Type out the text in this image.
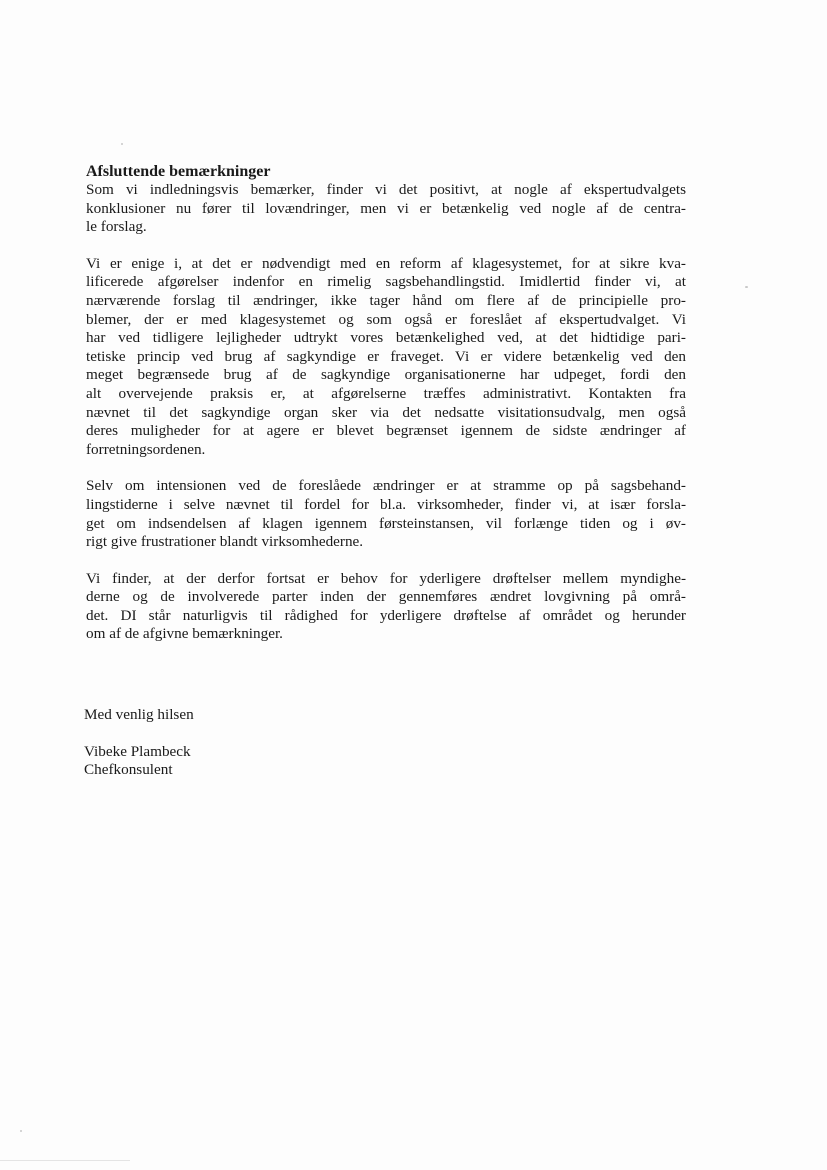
Afsluttende bemærkninger
Som vi indledningsvis bemærker, finder vi det positivt, at nogle af ekspertudvalgets
konklusioner nu fører til lovændringer, men vi er betænkelig ved nogle af de centra-
le forslag.
Vi er enige i, at det er nødvendigt med en reform af klagesystemet, for at sikre kva-
lificerede afgørelser indenfor en rimelig sagsbehandlingstid. Imidlertid finder vi, at
nærværende forslag til ændringer, ikke tager hånd om flere af de principielle pro-
blemer, der er med klagesystemet og som også er foreslået af ekspertudvalget. Vi
har ved tidligere lejligheder udtrykt vores betænkelighed ved, at det hidtidige pari-
tetiske princip ved brug af sagkyndige er fraveget. Vi er videre betænkelig ved den
meget begrænsede brug af de sagkyndige organisationerne har udpeget, fordi den
alt overvejende praksis er, at afgørelserne træffes administrativt. Kontakten fra
nævnet til det sagkyndige organ sker via det nedsatte visitationsudvalg, men også
deres muligheder for at agere er blevet begrænset igennem de sidste ændringer af
forretningsordenen.
Selv om intensionen ved de foreslåede ændringer er at stramme op på sagsbehand-
lingstiderne i selve nævnet til fordel for bl.a. virksomheder, finder vi, at især forsla-
get om indsendelsen af klagen igennem førsteinstansen, vil forlænge tiden og i øv-
rigt give frustrationer blandt virksomhederne.
Vi finder, at der derfor fortsat er behov for yderligere drøftelser mellem myndighe-
derne og de involverede parter inden der gennemføres ændret lovgivning på områ-
det. DI står naturligvis til rådighed for yderligere drøftelse af området og herunder
om af de afgivne bemærkninger.

Med venlig hilsen

Vibeke Plambeck

Chefkonsulent
